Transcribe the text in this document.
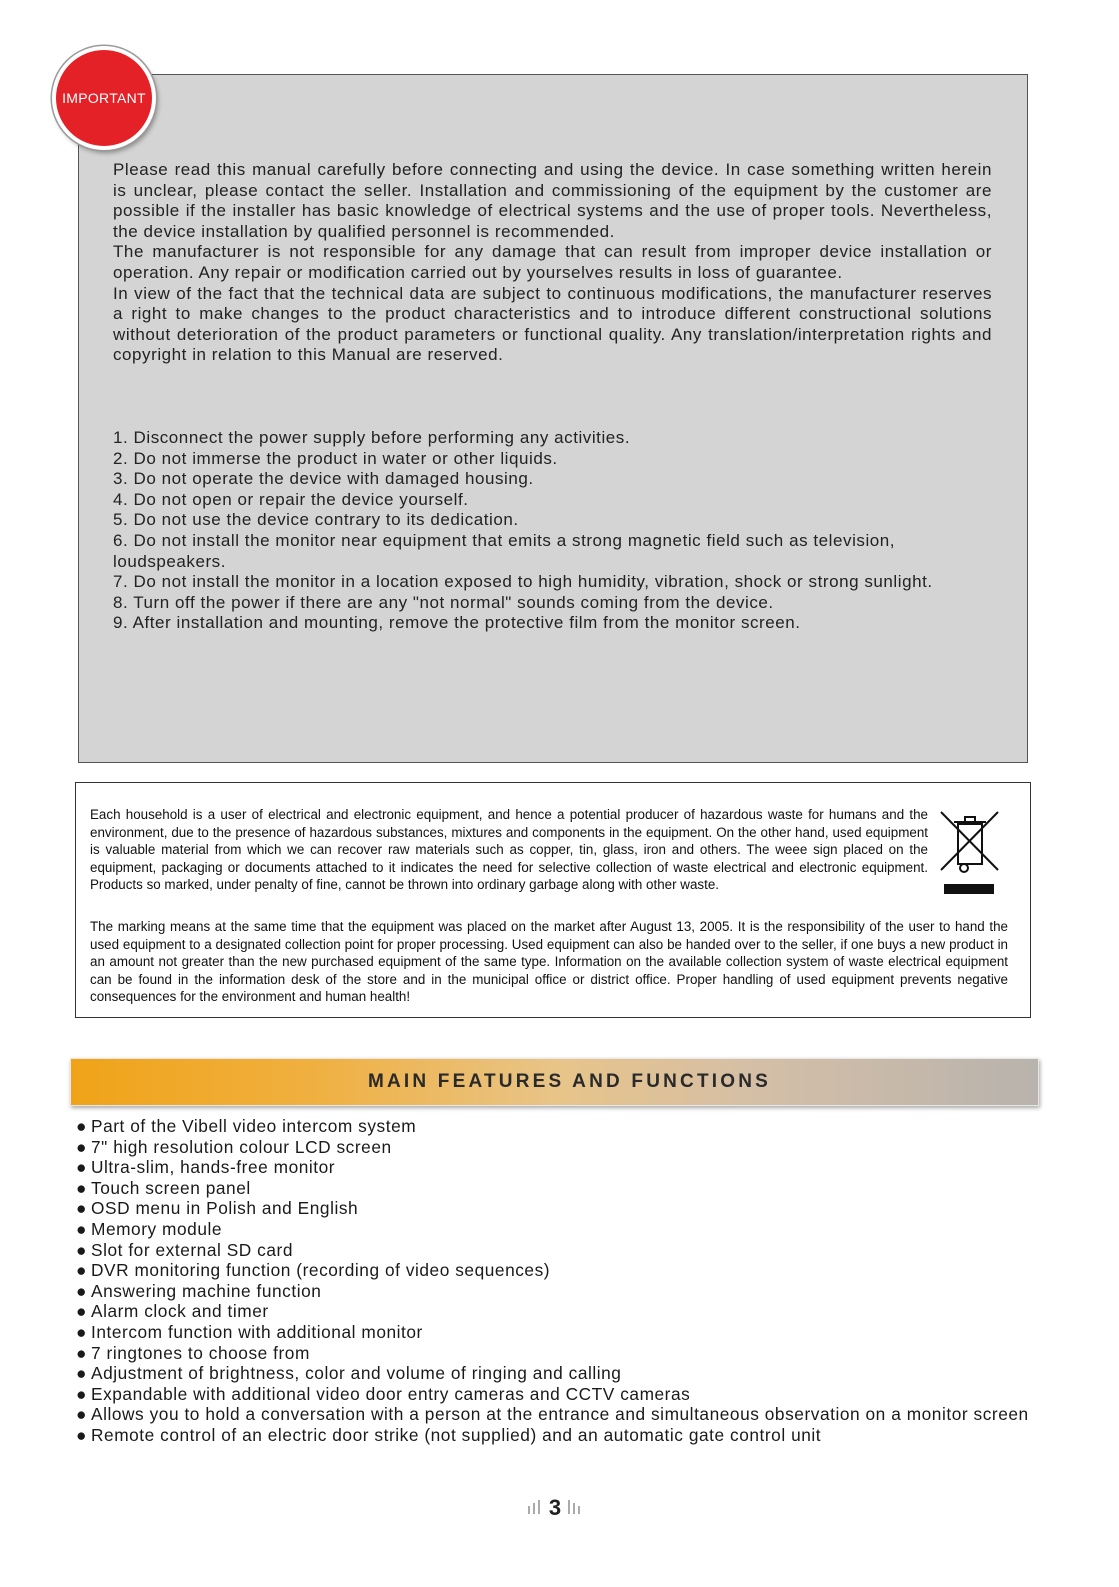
IMPORTANT

Please read this manual carefully before connecting and using the device. In case something written herein is unclear, please contact the seller. Installation and commissioning of the equipment by the customer are possible if the installer has basic knowledge of electrical systems and the use of proper tools. Nevertheless, the device installation by qualified personnel is recommended.

The manufacturer is not responsible for any damage that can result from improper device installation or operation. Any repair or modification carried out by yourselves results in loss of guarantee.

In view of the fact that the technical data are subject to continuous modifications, the manufacturer reserves a right to make changes to the product characteristics and to introduce different constructional solutions without deterioration of the product parameters or functional quality. Any translation/interpretation rights and copyright in relation to this Manual are reserved.

1. Disconnect the power supply before performing any activities.
2. Do not immerse the product in water or other liquids.
3. Do not operate the device with damaged housing.
4. Do not open or repair the device yourself.
5. Do not use the device contrary to its dedication.
6. Do not install the monitor near equipment that emits a strong magnetic field such as television, loudspeakers.
7. Do not install the monitor in a location exposed to high humidity, vibration, shock or strong sunlight.
8. Turn off the power if there are any "not normal" sounds coming from the device.
9. After installation and mounting, remove the protective film from the monitor screen.

Each household is a user of electrical and electronic equipment, and hence a potential producer of hazardous waste for humans and the environment, due to the presence of hazardous substances, mixtures and components in the equipment. On the other hand, used equipment is valuable material from which we can recover raw materials such as copper, tin, glass, iron and others. The weee sign placed on the equipment, packaging or documents attached to it indicates the need for selective collection of waste electrical and electronic equipment. Products so marked, under penalty of fine, cannot be thrown into ordinary garbage along with other waste.

The marking means at the same time that the equipment was placed on the market after August 13, 2005. It is the responsibility of the user to hand the used equipment to a designated collection point for proper processing. Used equipment can also be handed over to the seller, if one buys a new product in an amount not greater than the new purchased equipment of the same type. Information on the available collection system of waste electrical equipment can be found in the information desk of the store and in the municipal office or district office. Proper handling of used equipment prevents negative consequences for the environment and human health!

MAIN FEATURES AND FUNCTIONS
● Part of the Vibell video intercom system
● 7" high resolution colour LCD screen
● Ultra-slim, hands-free monitor
● Touch screen panel
● OSD menu in Polish and English
● Memory module
● Slot for external SD card
● DVR monitoring function (recording of video sequences)
● Answering machine function
● Alarm clock and timer
● Intercom function with additional monitor
● 7 ringtones to choose from
● Adjustment of brightness, color and volume of ringing and calling
● Expandable with additional video door entry cameras and CCTV cameras
● Allows you to hold a conversation with a person at the entrance and simultaneous observation on a monitor screen
● Remote control of an electric door strike (not supplied) and an automatic gate control unit
3
